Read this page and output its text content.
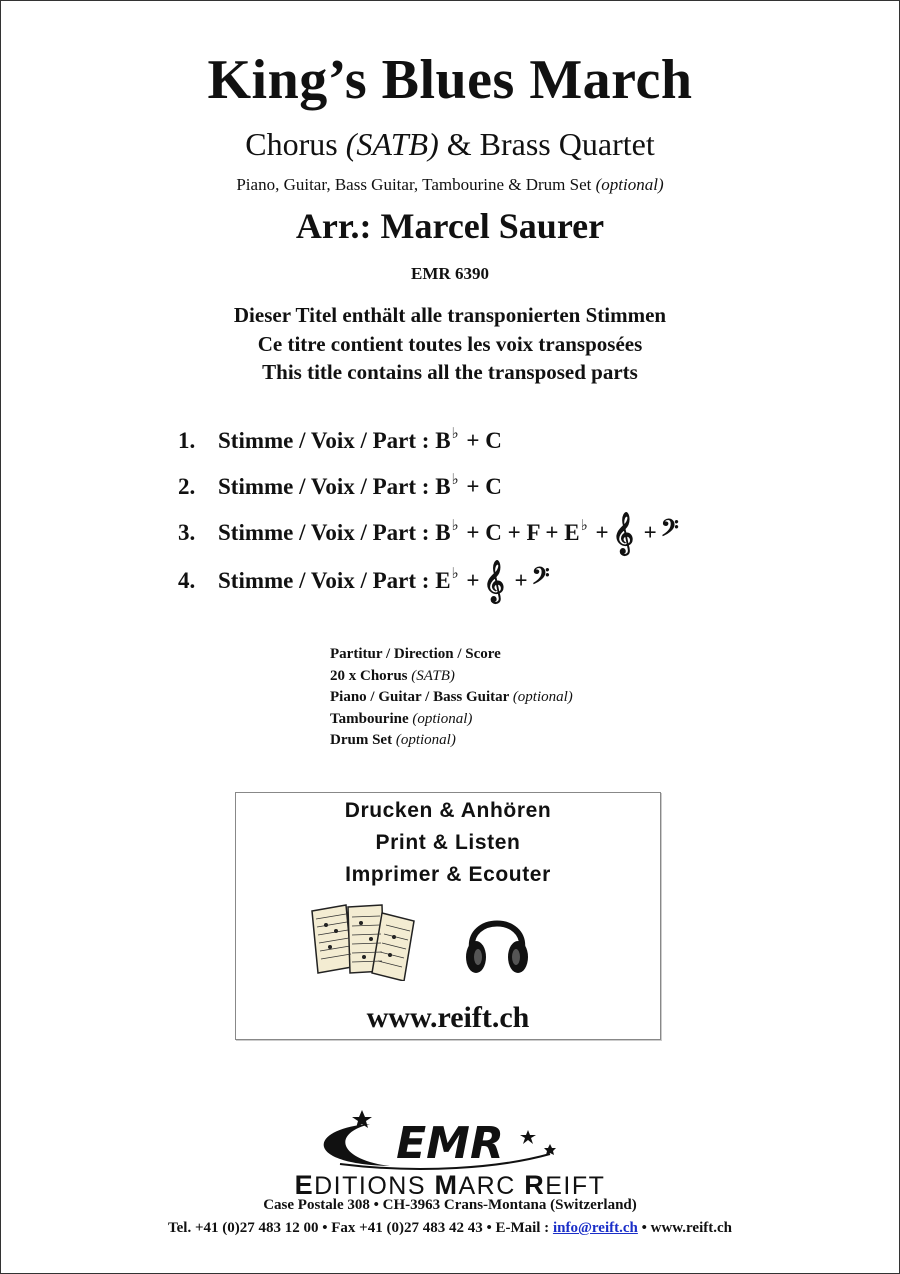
King’s Blues March
Chorus (SATB) & Brass Quartet
Piano, Guitar, Bass Guitar, Tambourine & Drum Set (optional)
Arr.: Marcel Saurer
EMR 6390
Dieser Titel enthält alle transponierten Stimmen
Ce titre contient toutes les voix transposées
This title contains all the transposed parts
1. Stimme / Voix / Part : B♭ + C
2. Stimme / Voix / Part : B♭ + C
3. Stimme / Voix / Part : B♭ + C + F + E♭ + 𝄞 + 𝄢
4. Stimme / Voix / Part : E♭ + 𝄞 + 𝄢
Partitur / Direction / Score
20 x Chorus (SATB)
Piano / Guitar / Bass Guitar (optional)
Tambourine (optional)
Drum Set (optional)
Drucken & Anhören
Print & Listen
Imprimer & Ecouter
www.reift.ch
EMR
EDITIONS MARC REIFT
Case Postale 308 • CH-3963 Crans-Montana (Switzerland)
Tel. +41 (0)27 483 12 00 • Fax +41 (0)27 483 42 43 • E-Mail : info@reift.ch • www.reift.ch
